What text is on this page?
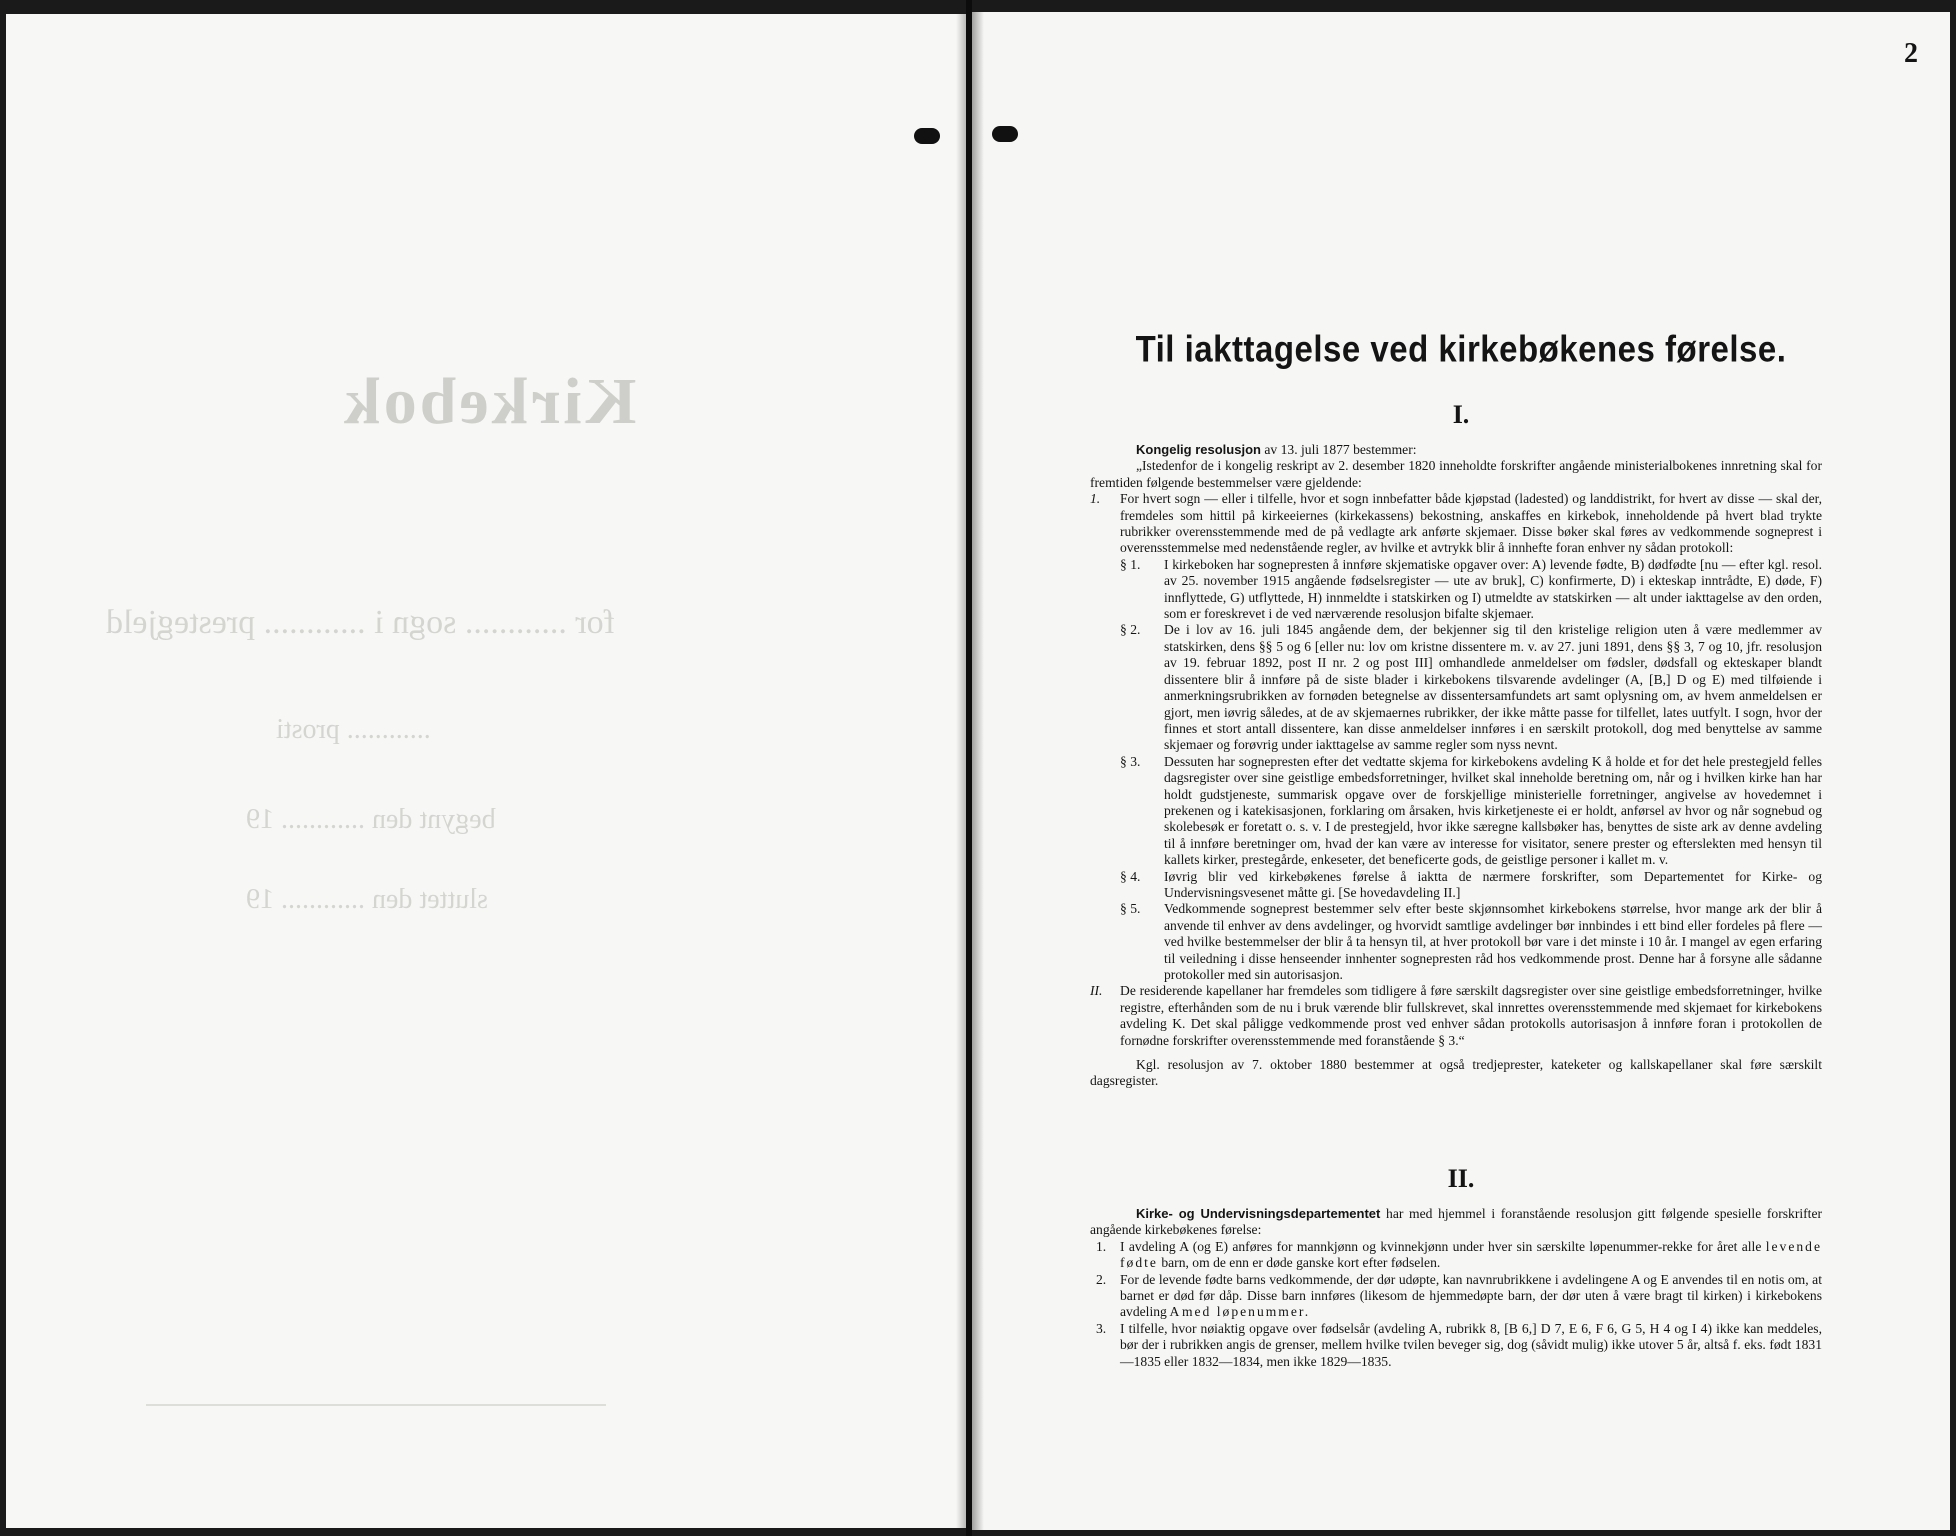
Kirkebok
for ............ sogn i ............ prestegjeld
............ prosti
begynt den ............ 19
sluttet den ............ 19
2
Til iakttagelse ved kirkebøkenes førelse.
I.

Kongelig resolusjon av 13. juli 1877 bestemmer:

„Istedenfor de i kongelig reskript av 2. desember 1820 inneholdte forskrifter angående ministerialbokenes innretning skal for fremtiden følgende bestemmelser være gjeldende:

1.	For hvert sogn — eller i tilfelle, hvor et sogn innbefatter både kjøpstad (ladested) og landdistrikt, for hvert av disse — skal der, fremdeles som hittil på kirkeeiernes (kirkekassens) bekostning, anskaffes en kirkebok, inneholdende på hvert blad trykte rubrikker overensstemmende med de på vedlagte ark anførte skjemaer. Disse bøker skal føres av vedkommende sogneprest i overensstemmelse med nedenstående regler, av hvilke et avtrykk blir å innhefte foran enhver ny sådan protokoll:
§ 1.	I kirkeboken har sognepresten å innføre skjematiske opgaver over: A) levende fødte, B) dødfødte [nu — efter kgl. resol. av 25. november 1915 angående fødselsregister — ute av bruk], C) konfirmerte, D) i ekteskap inntrådte, E) døde, F) innflyttede, G) utflyttede, H) innmeldte i statskirken og I) utmeldte av statskirken — alt under iakttagelse av den orden, som er foreskrevet i de ved nærværende resolusjon bifalte skjemaer.
§ 2.	De i lov av 16. juli 1845 angående dem, der bekjenner sig til den kristelige religion uten å være medlemmer av statskirken, dens §§ 5 og 6 [eller nu: lov om kristne dissentere m. v. av 27. juni 1891, dens §§ 3, 7 og 10, jfr. resolusjon av 19. februar 1892, post II nr. 2 og post III] omhandlede anmeldelser om fødsler, dødsfall og ekteskaper blandt dissentere blir å innføre på de siste blader i kirkebokens tilsvarende avdelinger (A, [B,] D og E) med tilføiende i anmerkningsrubrikken av fornøden betegnelse av dissentersamfundets art samt oplysning om, av hvem anmeldelsen er gjort, men iøvrig således, at de av skjemaernes rubrikker, der ikke måtte passe for tilfellet, lates uutfylt. I sogn, hvor der finnes et stort antall dissentere, kan disse anmeldelser innføres i en særskilt protokoll, dog med benyttelse av samme skjemaer og forøvrig under iakttagelse av samme regler som nyss nevnt.
§ 3.	Dessuten har sognepresten efter det vedtatte skjema for kirkebokens avdeling K å holde et for det hele prestegjeld felles dagsregister over sine geistlige embedsforretninger, hvilket skal inneholde beretning om, når og i hvilken kirke han har holdt gudstjeneste, summarisk opgave over de forskjellige ministerielle forretninger, angivelse av hovedemnet i prekenen og i katekisasjonen, forklaring om årsaken, hvis kirketjeneste ei er holdt, anførsel av hvor og når sognebud og skolebesøk er foretatt o. s. v. I de prestegjeld, hvor ikke særegne kallsbøker has, benyttes de siste ark av denne avdeling til å innføre beretninger om, hvad der kan være av interesse for visitator, senere prester og efterslekten med hensyn til kallets kirker, prestegårde, enkeseter, det beneficerte gods, de geistlige personer i kallet m. v.
§ 4.	Iøvrig blir ved kirkebøkenes førelse å iaktta de nærmere forskrifter, som Departementet for Kirke- og Undervisningsvesenet måtte gi. [Se hovedavdeling II.]
§ 5.	Vedkommende sogneprest bestemmer selv efter beste skjønnsomhet kirkebokens størrelse, hvor mange ark der blir å anvende til enhver av dens avdelinger, og hvorvidt samtlige avdelinger bør innbindes i ett bind eller fordeles på flere — ved hvilke bestemmelser der blir å ta hensyn til, at hver protokoll bør vare i det minste i 10 år. I mangel av egen erfaring til veiledning i disse henseender innhenter sognepresten råd hos vedkommende prost. Denne har å forsyne alle sådanne protokoller med sin autorisasjon.
II.	De residerende kapellaner har fremdeles som tidligere å føre særskilt dagsregister over sine geistlige embedsforretninger, hvilke registre, efterhånden som de nu i bruk værende blir fullskrevet, skal innrettes overensstemmende med skjemaet for kirkebokens avdeling K. Det skal påligge vedkommende prost ved enhver sådan protokolls autorisasjon å innføre foran i protokollen de fornødne forskrifter overensstemmende med foranstående § 3.“

Kgl. resolusjon av 7. oktober 1880 bestemmer at også tredjeprester, kateketer og kallskapellaner skal føre særskilt dagsregister.

II.

Kirke- og Undervisningsdepartementet har med hjemmel i foranstående resolusjon gitt følgende spesielle forskrifter angående kirkebøkenes førelse:

1.	I avdeling A (og E) anføres for mannkjønn og kvinnekjønn under hver sin særskilte løpenummer-rekke for året alle levende fødte barn, om de enn er døde ganske kort efter fødselen.
2.	For de levende fødte barns vedkommende, der dør udøpte, kan navnrubrikkene i avdelingene A og E anvendes til en notis om, at barnet er død før dåp. Disse barn innføres (likesom de hjemmedøpte barn, der dør uten å være bragt til kirken) i kirkebokens avdeling A med løpenummer.
3.	I tilfelle, hvor nøiaktig opgave over fødselsår (avdeling A, rubrikk 8, [B 6,] D 7, E 6, F 6, G 5, H 4 og I 4) ikke kan meddeles, bør der i rubrikken angis de grenser, mellem hvilke tvilen beveger sig, dog (såvidt mulig) ikke utover 5 år, altså f. eks. født 1831—1835 eller 1832—1834, men ikke 1829—1835.
